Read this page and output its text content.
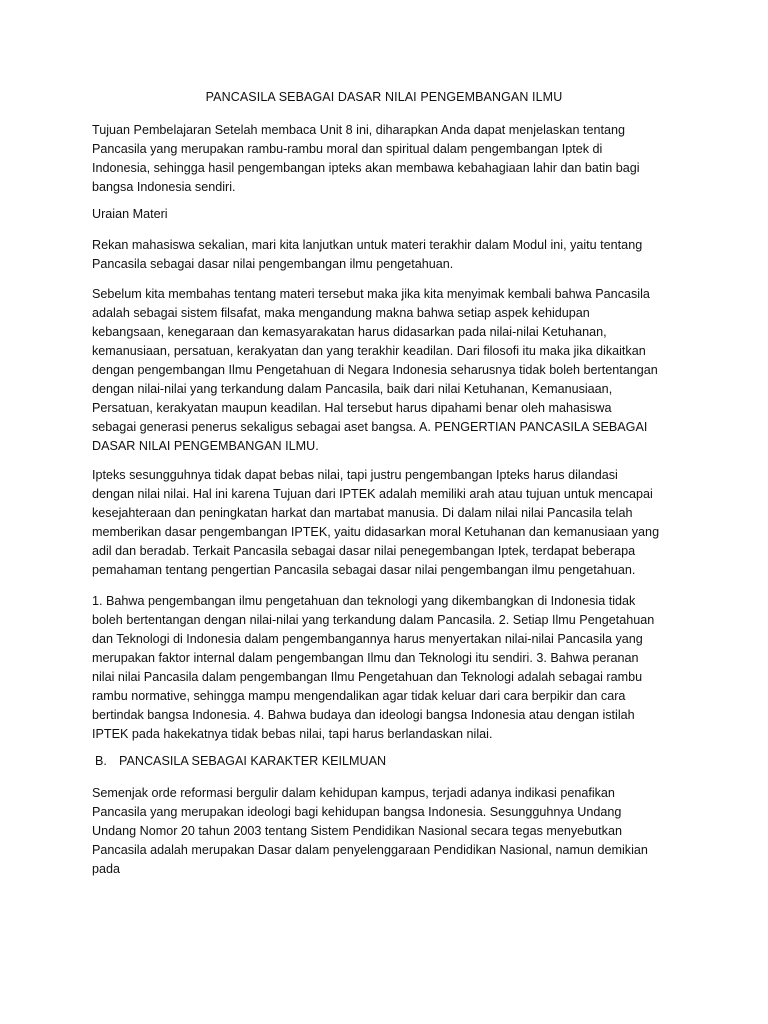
PANCASILA SEBAGAI DASAR NILAI PENGEMBANGAN ILMU

Tujuan Pembelajaran Setelah membaca Unit 8 ini, diharapkan Anda dapat menjelaskan tentang
Pancasila yang merupakan rambu-rambu moral dan spiritual dalam pengembangan Iptek di
Indonesia, sehingga hasil pengembangan ipteks akan membawa kebahagiaan lahir dan batin bagi
bangsa Indonesia sendiri.

Uraian Materi

Rekan mahasiswa sekalian, mari kita lanjutkan untuk materi terakhir dalam Modul ini, yaitu tentang
Pancasila sebagai dasar nilai pengembangan ilmu pengetahuan.

Sebelum kita membahas tentang materi tersebut maka jika kita menyimak kembali bahwa Pancasila
adalah sebagai sistem filsafat, maka mengandung makna bahwa setiap aspek kehidupan
kebangsaan, kenegaraan dan kemasyarakatan harus didasarkan pada nilai-nilai Ketuhanan,
kemanusiaan, persatuan, kerakyatan dan yang terakhir keadilan. Dari filosofi itu maka jika dikaitkan
dengan pengembangan Ilmu Pengetahuan di Negara Indonesia seharusnya tidak boleh bertentangan
dengan nilai-nilai yang terkandung dalam Pancasila, baik dari nilai Ketuhanan, Kemanusiaan,
Persatuan, kerakyatan maupun keadilan. Hal tersebut harus dipahami benar oleh mahasiswa
sebagai generasi penerus sekaligus sebagai aset bangsa. A. PENGERTIAN PANCASILA SEBAGAI
DASAR NILAI PENGEMBANGAN ILMU.

Ipteks sesungguhnya tidak dapat bebas nilai, tapi justru pengembangan Ipteks harus dilandasi
dengan nilai nilai. Hal ini karena Tujuan dari IPTEK adalah memiliki arah atau tujuan untuk mencapai
kesejahteraan dan peningkatan harkat dan martabat manusia. Di dalam nilai nilai Pancasila telah
memberikan dasar pengembangan IPTEK, yaitu didasarkan moral Ketuhanan dan kemanusiaan yang
adil dan beradab. Terkait Pancasila sebagai dasar nilai penegembangan Iptek, terdapat beberapa
pemahaman tentang pengertian Pancasila sebagai dasar nilai pengembangan ilmu pengetahuan.

1. Bahwa pengembangan ilmu pengetahuan dan teknologi yang dikembangkan di Indonesia tidak
boleh bertentangan dengan nilai-nilai yang terkandung dalam Pancasila. 2. Setiap Ilmu Pengetahuan
dan Teknologi di Indonesia dalam pengembangannya harus menyertakan nilai-nilai Pancasila yang
merupakan faktor internal dalam pengembangan Ilmu dan Teknologi itu sendiri. 3. Bahwa peranan
nilai nilai Pancasila dalam pengembangan Ilmu Pengetahuan dan Teknologi adalah sebagai rambu
rambu normative, sehingga mampu mengendalikan agar tidak keluar dari cara berpikir dan cara
bertindak bangsa Indonesia. 4. Bahwa budaya dan ideologi bangsa Indonesia atau dengan istilah
IPTEK pada hakekatnya tidak bebas nilai, tapi harus berlandaskan nilai.

B. PANCASILA SEBAGAI KARAKTER KEILMUAN

Semenjak orde reformasi bergulir dalam kehidupan kampus, terjadi adanya indikasi penafikan
Pancasila yang merupakan ideologi bagi kehidupan bangsa Indonesia. Sesungguhnya Undang
Undang Nomor 20 tahun 2003 tentang Sistem Pendidikan Nasional secara tegas menyebutkan
Pancasila adalah merupakan Dasar dalam penyelenggaraan Pendidikan Nasional, namun demikian
pada
